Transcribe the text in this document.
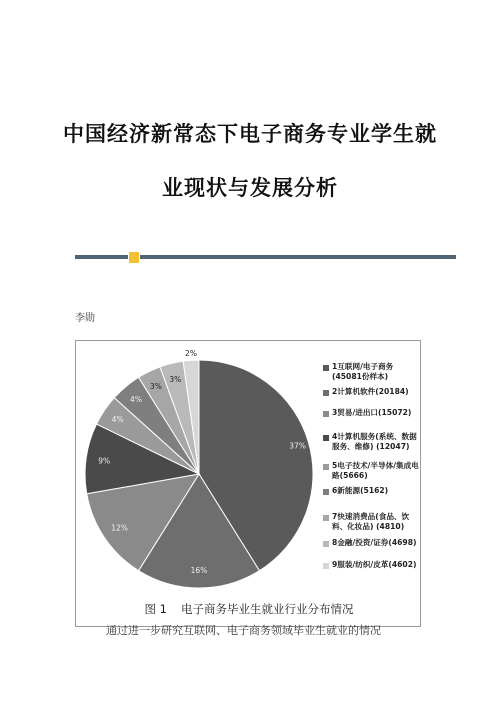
中国经济新常态下电子商务专业学生就
业现状与发展分析
李勋
37%
16%
12%
9%
4%
4%
3%
3%
2%
1互联网/电子商务(45081份样本)
2计算机软件(20184)
3贸易/进出口(15072)
4计算机服务(系统、数据服务、维修) (12047)
5电子技术/半导体/集成电路(5666)
6新能源(5162)
7快速消费品(食品、饮料、化妆品) (4810)
8金融/投资/证券(4698)
9服装/纺织/皮革(4602)
图 1 电子商务毕业生就业行业分布情况
通过进一步研究互联网、电子商务领域毕业生就业的情况
